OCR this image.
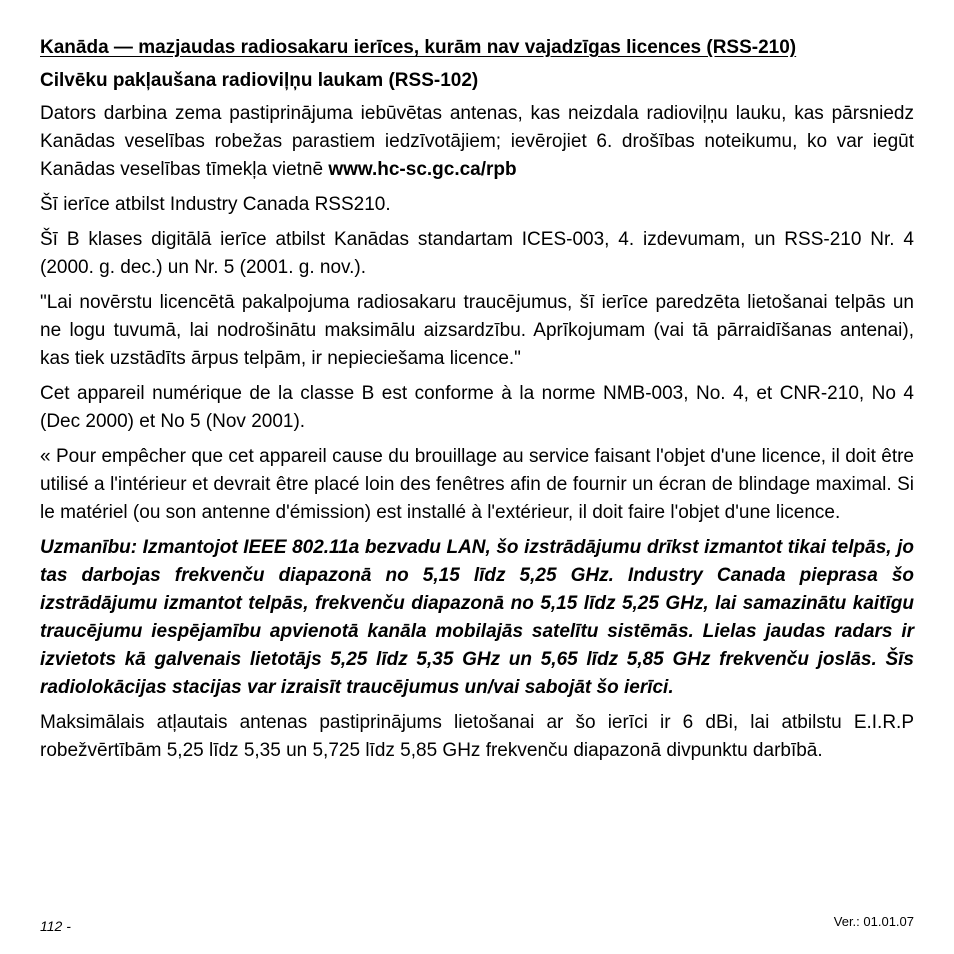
Kanāda — mazjaudas radiosakaru ierīces, kurām nav vajadzīgas licences (RSS-210)
Cilvēku pakļaušana radioviļņu laukam (RSS-102)

Dators darbina zema pastiprinājuma iebūvētas antenas, kas neizdala radioviļņu lauku, kas pārsniedz Kanādas veselības robežas parastiem iedzīvotājiem; ievērojiet 6. drošības noteikumu, ko var iegūt Kanādas veselības tīmekļa vietnē www.hc-sc.gc.ca/rpb

Šī ierīce atbilst Industry Canada RSS210.

Šī B klases digitālā ierīce atbilst Kanādas standartam ICES-003, 4. izdevumam, un RSS-210 Nr. 4 (2000. g. dec.) un Nr. 5 (2001. g. nov.).

"Lai novērstu licencētā pakalpojuma radiosakaru traucējumus, šī ierīce paredzēta lietošanai telpās un ne logu tuvumā, lai nodrošinātu maksimālu aizsardzību. Aprīkojumam (vai tā pārraidīšanas antenai), kas tiek uzstādīts ārpus telpām, ir nepieciešama licence."

Cet appareil numérique de la classe B est conforme à la norme NMB-003, No. 4, et CNR-210, No 4 (Dec 2000) et No 5 (Nov 2001).

« Pour empêcher que cet appareil cause du brouillage au service faisant l'objet d'une licence, il doit être utilisé a l'intérieur et devrait être placé loin des fenêtres afin de fournir un écran de blindage maximal. Si le matériel (ou son antenne d'émission) est installé à l'extérieur, il doit faire l'objet d'une licence.

Uzmanību: Izmantojot IEEE 802.11a bezvadu LAN, šo izstrādājumu drīkst izmantot tikai telpās, jo tas darbojas frekvenču diapazonā no 5,15 līdz 5,25 GHz. Industry Canada pieprasa šo izstrādājumu izmantot telpās, frekvenču diapazonā no 5,15 līdz 5,25 GHz, lai samazinātu kaitīgu traucējumu iespējamību apvienotā kanāla mobilajās satelītu sistēmās. Lielas jaudas radars ir izvietots kā galvenais lietotājs 5,25 līdz 5,35 GHz un 5,65 līdz 5,85 GHz frekvenču joslās. Šīs radiolokācijas stacijas var izraisīt traucējumus un/vai sabojāt šo ierīci.

Maksimālais atļautais antenas pastiprinājums lietošanai ar šo ierīci ir 6 dBi, lai atbilstu E.I.R.P robežvērtībām 5,25 līdz 5,35 un 5,725 līdz 5,85 GHz frekvenču diapazonā divpunktu darbībā.

112 -	Ver.: 01.01.07
